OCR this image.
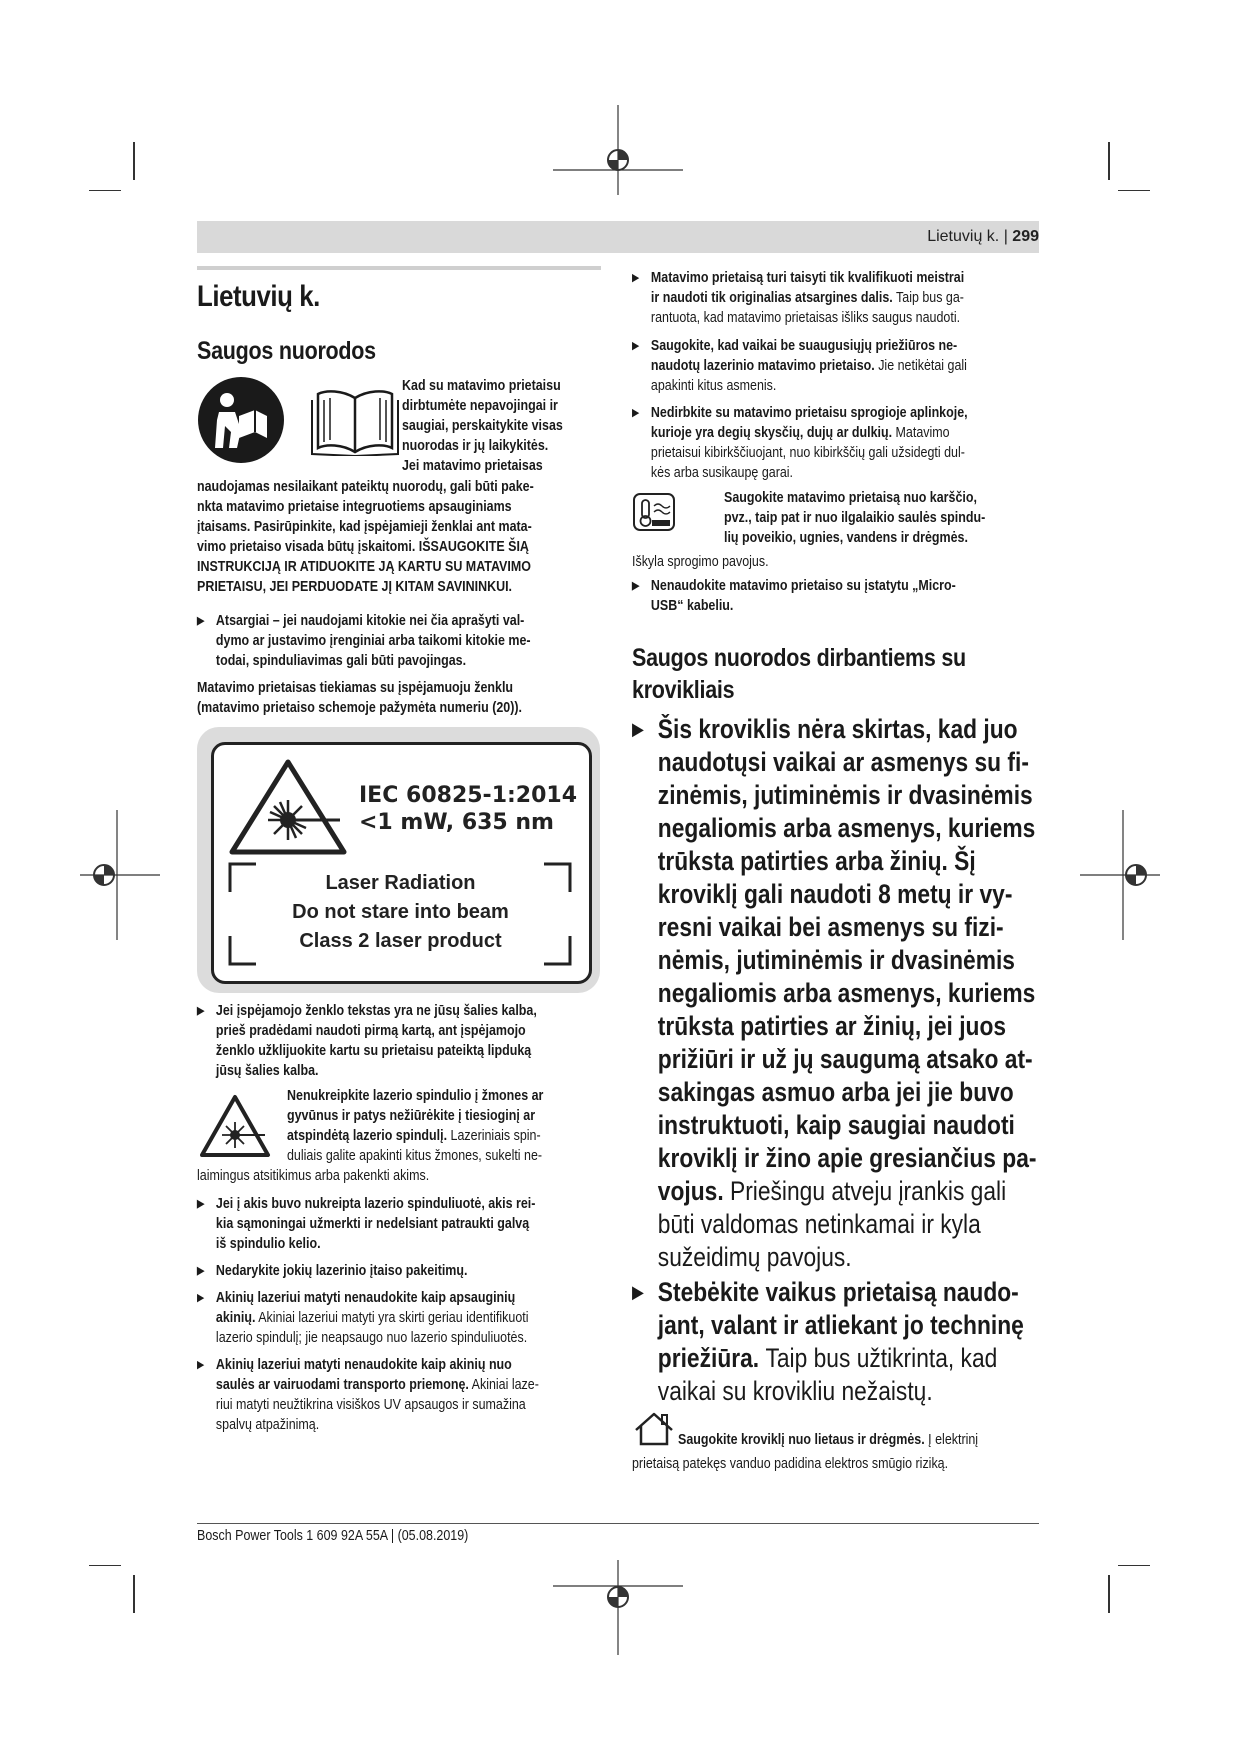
Lietuvių k. | 299
Lietuvių k.
Saugos nuorodos
Kad su matavimo prietaisu
dirbtumėte nepavojingai ir
saugiai, perskaitykite visas
nuorodas ir jų laikykitės.
Jei matavimo prietaisas
naudojamas nesilaikant pateiktų nuorodų, gali būti pake-
nkta matavimo prietaise integruotiems apsauginiams
įtaisams. Pasirūpinkite, kad įspėjamieji ženklai ant mata-
vimo prietaiso visada būtų įskaitomi. IŠSAUGOKITE ŠIĄ
INSTRUKCIJĄ IR ATIDUOKITE JĄ KARTU SU MATAVIMO
PRIETAISU, JEI PERDUODATE JĮ KITAM SAVININKUI.
▶ Atsargiai – jei naudojami kitokie nei čia aprašyti val-
dymo ar justavimo įrenginiai arba taikomi kitokie me-
todai, spinduliavimas gali būti pavojingas.
Matavimo prietaisas tiekiamas su įspėjamuoju ženklu
(matavimo prietaiso schemoje pažymėta numeriu (20)).
IEC 60825-1:2014
<1 mW, 635 nm
Laser Radiation
Do not stare into beam
Class 2 laser product
▶ Jei įspėjamojo ženklo tekstas yra ne jūsų šalies kalba,
prieš pradėdami naudoti pirmą kartą, ant įspėjamojo
ženklo užklijuokite kartu su prietaisu pateiktą lipduką
jūsų šalies kalba.
Nenukreipkite lazerio spindulio į žmones ar
gyvūnus ir patys nežiūrėkite į tiesioginį ar
atspindėtą lazerio spindulį. Lazeriniais spin-
duliais galite apakinti kitus žmones, sukelti ne-
laimingus atsitikimus arba pakenkti akims.
▶ Jei į akis buvo nukreipta lazerio spinduliuotė, akis rei-
kia sąmoningai užmerkti ir nedelsiant patraukti galvą
iš spindulio kelio.
▶ Nedarykite jokių lazerinio įtaiso pakeitimų.
▶ Akinių lazeriui matyti nenaudokite kaip apsauginių
akinių. Akiniai lazeriui matyti yra skirti geriau identifikuoti
lazerio spindulį; jie neapsaugo nuo lazerio spinduliuotės.
▶ Akinių lazeriui matyti nenaudokite kaip akinių nuo
saulės ar vairuodami transporto priemonę. Akiniai laze-
riui matyti neužtikrina visiškos UV apsaugos ir sumažina
spalvų atpažinimą.
▶ Matavimo prietaisą turi taisyti tik kvalifikuoti meistrai
ir naudoti tik originalias atsargines dalis. Taip bus ga-
rantuota, kad matavimo prietaisas išliks saugus naudoti.
▶ Saugokite, kad vaikai be suaugusiųjų priežiūros ne-
naudotų lazerinio matavimo prietaiso. Jie netikėtai gali
apakinti kitus asmenis.
▶ Nedirbkite su matavimo prietaisu sprogioje aplinkoje,
kurioje yra degių skysčių, dujų ar dulkių. Matavimo
prietaisui kibirkščiuojant, nuo kibirkščių gali užsidegti dul-
kės arba susikaupę garai.
Saugokite matavimo prietaisą nuo karščio,
pvz., taip pat ir nuo ilgalaikio saulės spindu-
lių poveikio, ugnies, vandens ir drėgmės.
Iškyla sprogimo pavojus.
▶ Nenaudokite matavimo prietaiso su įstatytu „Micro-
USB“ kabeliu.
Saugos nuorodos dirbantiems su
krovikliais
▶ Šis kroviklis nėra skirtas, kad juo
naudotųsi vaikai ar asmenys su fi-
zinėmis, jutiminėmis ir dvasinėmis
negaliomis arba asmenys, kuriems
trūksta patirties arba žinių. Šį
kroviklį gali naudoti 8 metų ir vy-
resni vaikai bei asmenys su fizi-
nėmis, jutiminėmis ir dvasinėmis
negaliomis arba asmenys, kuriems
trūksta patirties ar žinių, jei juos
prižiūri ir už jų saugumą atsako at-
sakingas asmuo arba jei jie buvo
instruktuoti, kaip saugiai naudoti
kroviklį ir žino apie gresiančius pa-
vojus. Priešingu atveju įrankis gali
būti valdomas netinkamai ir kyla
sužeidimų pavojus.
▶ Stebėkite vaikus prietaisą naudo-
jant, valant ir atliekant jo techninę
priežiūra. Taip bus užtikrinta, kad
vaikai su krovikliu nežaistų.
Saugokite kroviklį nuo lietaus ir drėgmės. Į elektrinį
prietaisą patekęs vanduo padidina elektros smūgio riziką.
Bosch Power Tools 1 609 92A 55A | (05.08.2019)
